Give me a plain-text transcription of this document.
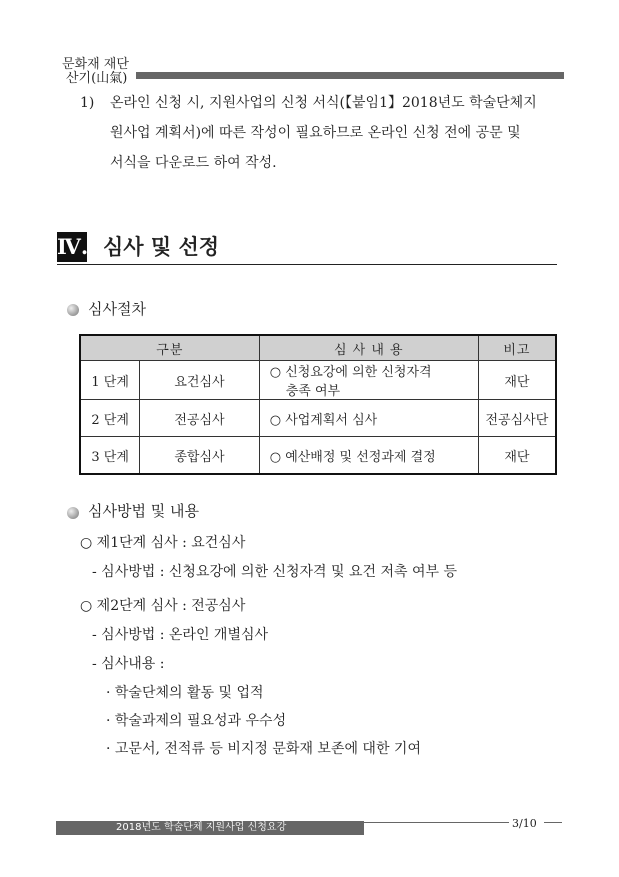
문화재 재단
산기(山氣)
1) 온라인 신청 시, 지원사업의 신청 서식(【붙임1】2018년도 학술단체지
원사업 계획서)에 따른 작성이 필요하므로 온라인 신청 전에 공문 및
서식을 다운로드 하여 작성.
Ⅳ. 심사 및 선정
심사절차
구분		심 사 내 용	비고
1 단계	요건심사	○ 신청요강에 의한 신청자격
충족 여부	재단
2 단계	전공심사	○ 사업계획서 심사	전공심사단
3 단계	종합심사	○ 예산배정 및 선정과제 결정	재단
심사방법 및 내용
○ 제1단계 심사 : 요건심사
- 심사방법 : 신청요강에 의한 신청자격 및 요건 저촉 여부 등
○ 제2단계 심사 : 전공심사
- 심사방법 : 온라인 개별심사
- 심사내용 :
· 학술단체의 활동 및 업적
· 학술과제의 필요성과 우수성
· 고문서, 전적류 등 비지정 문화재 보존에 대한 기여
2018년도 학술단체 지원사업 신청요강	3/10
